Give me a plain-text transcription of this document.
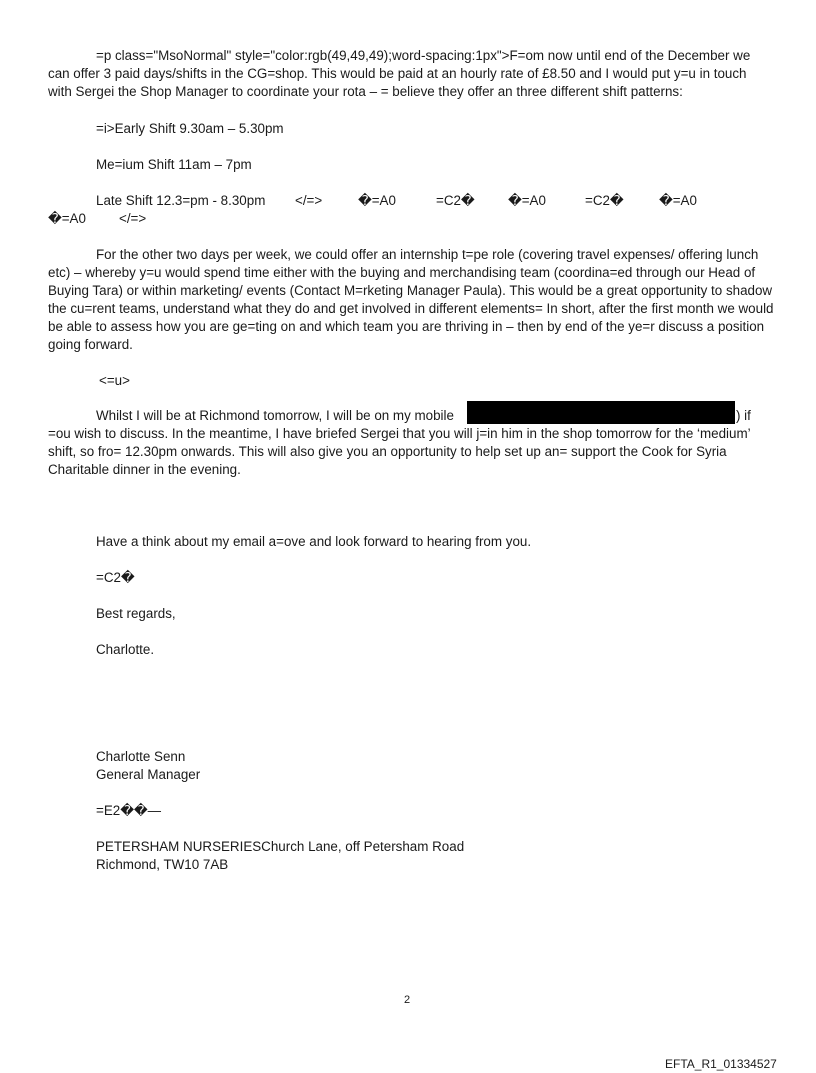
=p class="MsoNormal" style="color:rgb(49,49,49);word-spacing:1px">F=om now until end of the December we can offer 3 paid days/shifts in the CG=shop. This would be paid at an hourly rate of £8.50 and I would put y=u in touch with Sergei the Shop Manager to coordinate your rota – = believe they offer an three different shift patterns:
=i>Early Shift 9.30am – 5.30pm
Me=ium Shift 11am – 7pm
Late Shift 12.3=pm - 8.30pm </=>	�=A0	=C2� �=A0	=C2�	�=A0
�=A0 </=>
For the other two days per week, we could offer an internship t=pe role (covering travel expenses/ offering lunch etc) – whereby y=u would spend time either with the buying and merchandising team (coordina=ed through our Head of Buying Tara) or within marketing/ events (Contact M=rketing Manager Paula). This would be a great opportunity to shadow the cu=rent teams, understand what they do and get involved in different elements= In short, after the first month we would be able to assess how you are ge=ting on and which team you are thriving in – then by end of the ye=r discuss a position going forward.
<=u>
Whilst I will be at Richmond tomorrow, I will be on my mobile	) if
=ou wish to discuss. In the meantime, I have briefed Sergei that you will j=in him in the shop tomorrow for the ‘medium’ shift, so fro= 12.30pm onwards. This will also give you an opportunity to help set up an= support the Cook for Syria Charitable dinner in the evening.
Have a think about my email a=ove and look forward to hearing from you.
=C2�
Best regards,
Charlotte.
Charlotte Senn
General Manager
=E2��—
PETERSHAM NURSERIESChurch Lane, off Petersham Road
Richmond, TW10 7AB
2
EFTA_R1_01334527
